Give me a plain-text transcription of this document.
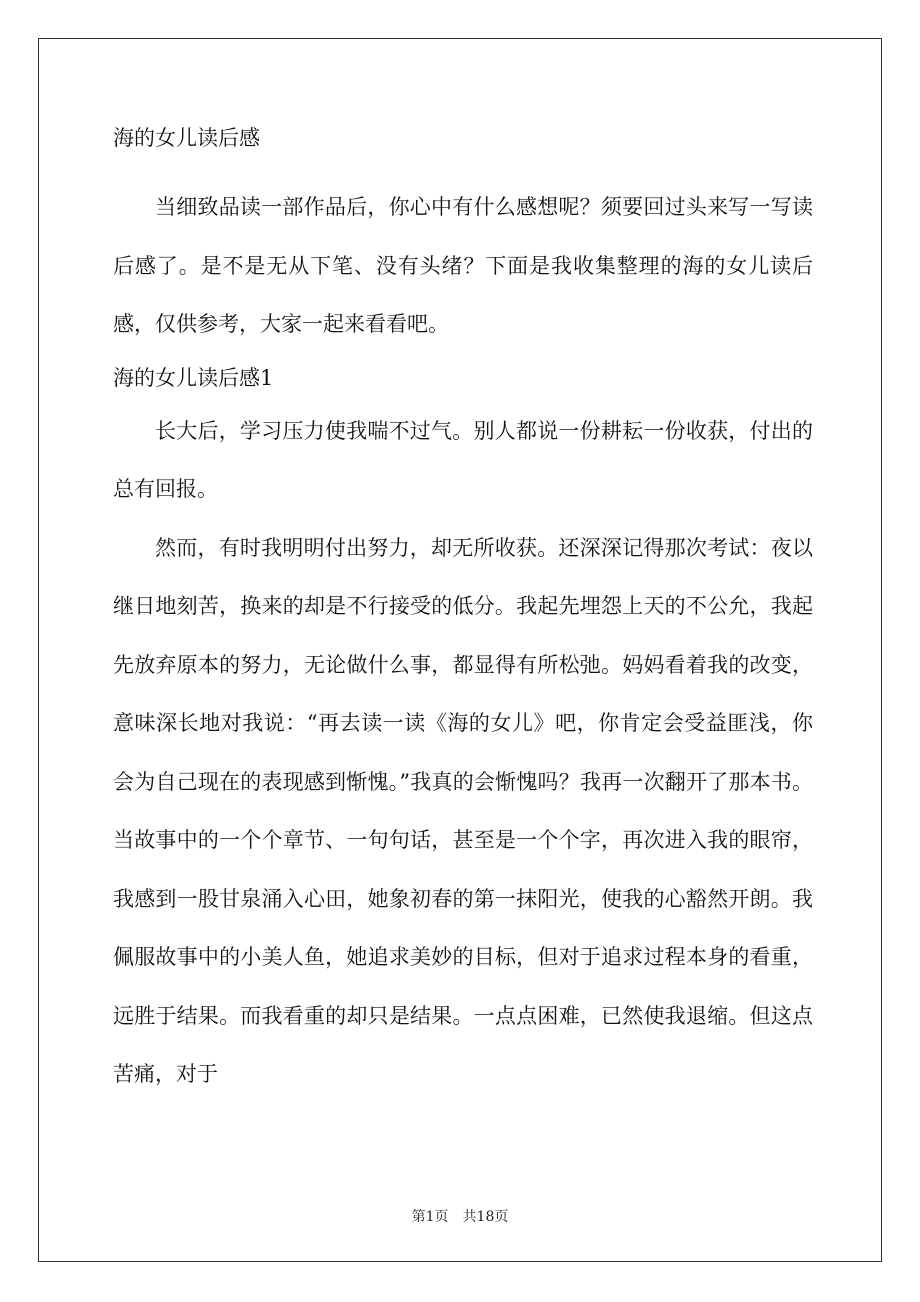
海的女儿读后感

当细致品读一部作品后，你心中有什么感想呢？须要回过头来写一写读后感了。是不是无从下笔、没有头绪？下面是我收集整理的海的女儿读后感，仅供参考，大家一起来看看吧。

海的女儿读后感1

长大后，学习压力使我喘不过气。别人都说一份耕耘一份收获，付出的总有回报。

然而，有时我明明付出努力，却无所收获。还深深记得那次考试：夜以继日地刻苦，换来的却是不行接受的低分。我起先埋怨上天的不公允，我起先放弃原本的努力，无论做什么事，都显得有所松弛。妈妈看着我的改变，意味深长地对我说：“再去读一读《海的女儿》吧，你肯定会受益匪浅，你会为自己现在的表现感到惭愧。”我真的会惭愧吗？我再一次翻开了那本书。当故事中的一个个章节、一句句话，甚至是一个个字，再次进入我的眼帘，我感到一股甘泉涌入心田，她象初春的第一抹阳光，使我的心豁然开朗。我佩服故事中的小美人鱼，她追求美妙的目标，但对于追求过程本身的看重，远胜于结果。而我看重的却只是结果。一点点困难，已然使我退缩。但这点苦痛，对于

第1页 共18页
